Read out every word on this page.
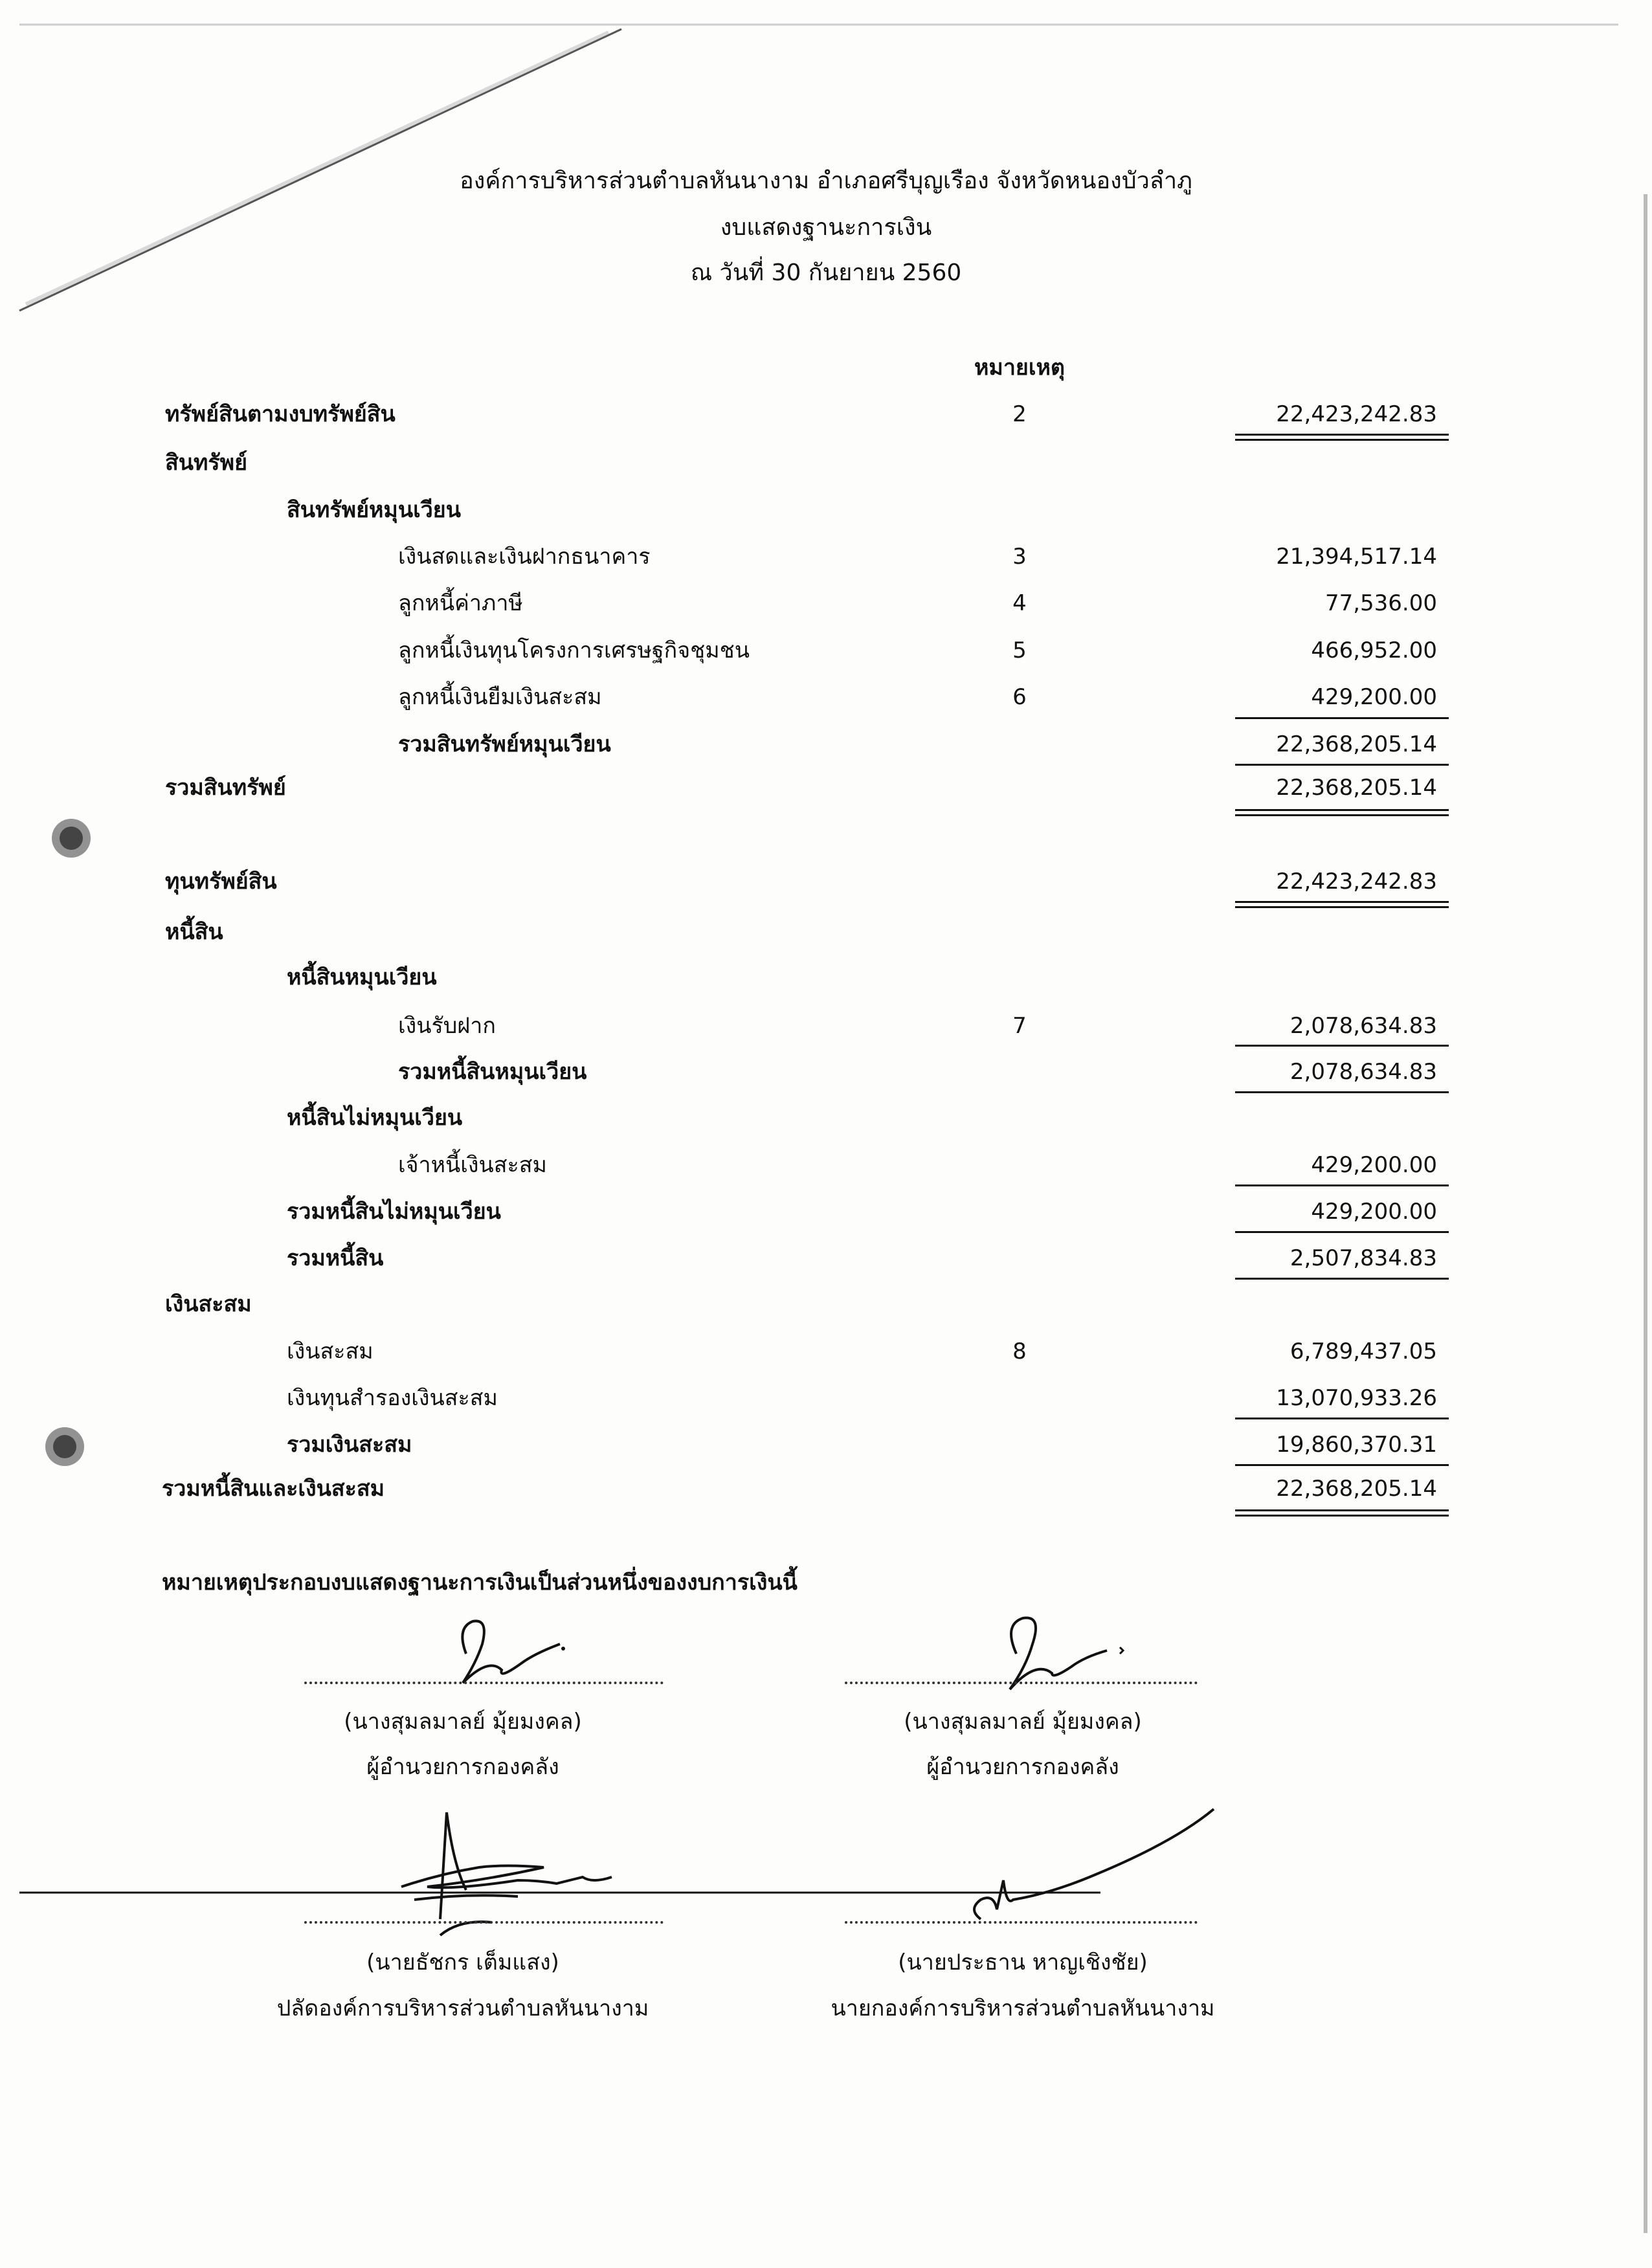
องค์การบริหารส่วนตำบลหันนางาม อำเภอศรีบุญเรือง จังหวัดหนองบัวลำภู
งบแสดงฐานะการเงิน
ณ วันที่ 30 กันยายน 2560
หมายเหตุ
ทรัพย์สินตามงบทรัพย์สิน	2	22,423,242.83
สินทรัพย์
สินทรัพย์หมุนเวียน
เงินสดและเงินฝากธนาคาร	3	21,394,517.14
ลูกหนี้ค่าภาษี	4	77,536.00
ลูกหนี้เงินทุนโครงการเศรษฐกิจชุมชน	5	466,952.00
ลูกหนี้เงินยืมเงินสะสม	6	429,200.00
รวมสินทรัพย์หมุนเวียน	22,368,205.14
รวมสินทรัพย์	22,368,205.14
ทุนทรัพย์สิน	22,423,242.83
หนี้สิน
หนี้สินหมุนเวียน
เงินรับฝาก	7	2,078,634.83
รวมหนี้สินหมุนเวียน	2,078,634.83
หนี้สินไม่หมุนเวียน
เจ้าหนี้เงินสะสม	429,200.00
รวมหนี้สินไม่หมุนเวียน	429,200.00
รวมหนี้สิน	2,507,834.83
เงินสะสม
เงินสะสม	8	6,789,437.05
เงินทุนสำรองเงินสะสม	13,070,933.26
รวมเงินสะสม	19,860,370.31
รวมหนี้สินและเงินสะสม	22,368,205.14
หมายเหตุประกอบงบแสดงฐานะการเงินเป็นส่วนหนึ่งของงบการเงินนี้
(นางสุมลมาลย์ มุ้ยมงคล)
ผู้อำนวยการกองคลัง
(นางสุมลมาลย์ มุ้ยมงคล)
ผู้อำนวยการกองคลัง
(นายธัชกร เต็มแสง)
ปลัดองค์การบริหารส่วนตำบลหันนางาม
(นายประธาน หาญเชิงชัย)
นายกองค์การบริหารส่วนตำบลหันนางาม
